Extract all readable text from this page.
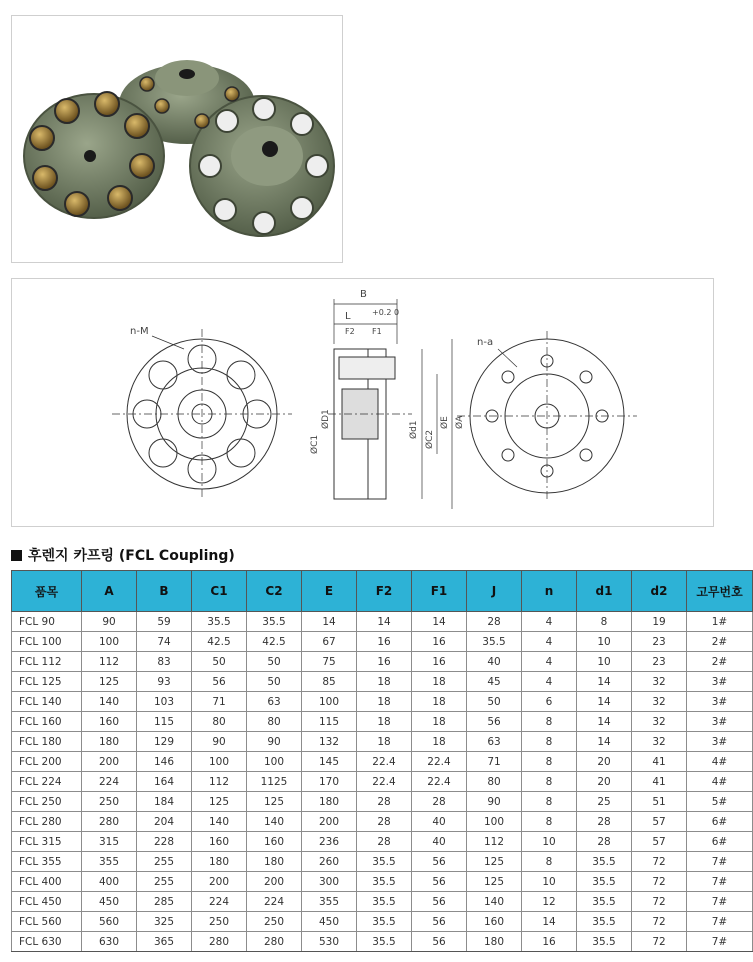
n-M
B
L	+0.2 0
F2 F1
ØC1
ØD1
Ød1
ØC2
ØE ØA
n-a
후렌지 카프링 (FCL Coupling)
품목	A	B	C1	C2	E	F2	F1	J	n	d1	d2	고무번호
FCL 90	90	59	35.5	35.5	14	14	14	28	4	8	19	1#
FCL 100	100	74	42.5	42.5	67	16	16	35.5	4	10	23	2#
FCL 112	112	83	50	50	75	16	16	40	4	10	23	2#
FCL 125	125	93	56	50	85	18	18	45	4	14	32	3#
FCL 140	140	103	71	63	100	18	18	50	6	14	32	3#
FCL 160	160	115	80	80	115	18	18	56	8	14	32	3#
FCL 180	180	129	90	90	132	18	18	63	8	14	32	3#
FCL 200	200	146	100	100	145	22.4	22.4	71	8	20	41	4#
FCL 224	224	164	112	1125	170	22.4	22.4	80	8	20	41	4#
FCL 250	250	184	125	125	180	28	28	90	8	25	51	5#
FCL 280	280	204	140	140	200	28	40	100	8	28	57	6#
FCL 315	315	228	160	160	236	28	40	112	10	28	57	6#
FCL 355	355	255	180	180	260	35.5	56	125	8	35.5	72	7#
FCL 400	400	255	200	200	300	35.5	56	125	10	35.5	72	7#
FCL 450	450	285	224	224	355	35.5	56	140	12	35.5	72	7#
FCL 560	560	325	250	250	450	35.5	56	160	14	35.5	72	7#
FCL 630	630	365	280	280	530	35.5	56	180	16	35.5	72	7#
